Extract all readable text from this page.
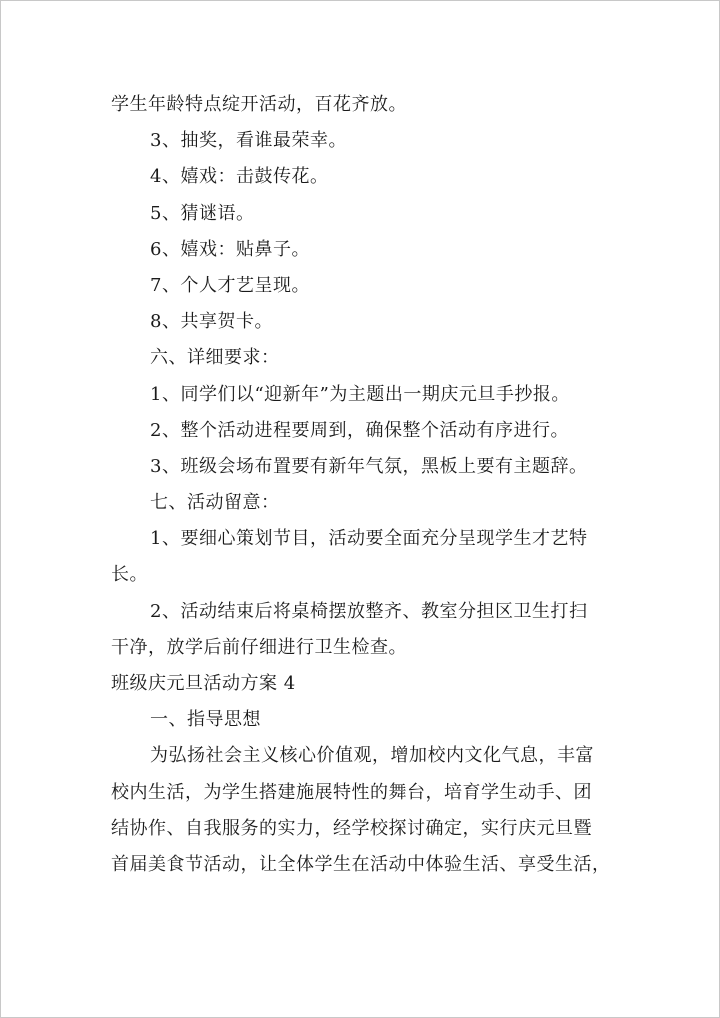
学生年龄特点绽开活动，百花齐放。
3、抽奖，看谁最荣幸。
4、嬉戏：击鼓传花。
5、猜谜语。
6、嬉戏：贴鼻子。
7、个人才艺呈现。
8、共享贺卡。
六、详细要求：
1、同学们以“迎新年”为主题出一期庆元旦手抄报。
2、整个活动进程要周到，确保整个活动有序进行。
3、班级会场布置要有新年气氛，黑板上要有主题辞。
七、活动留意：
1、要细心策划节目，活动要全面充分呈现学生才艺特
长。
2、活动结束后将桌椅摆放整齐、教室分担区卫生打扫
干净，放学后前仔细进行卫生检查。
班级庆元旦活动方案 4
一、指导思想
为弘扬社会主义核心价值观，增加校内文化气息，丰富
校内生活，为学生搭建施展特性的舞台，培育学生动手、团
结协作、自我服务的实力，经学校探讨确定，实行庆元旦暨
首届美食节活动，让全体学生在活动中体验生活、享受生活，
